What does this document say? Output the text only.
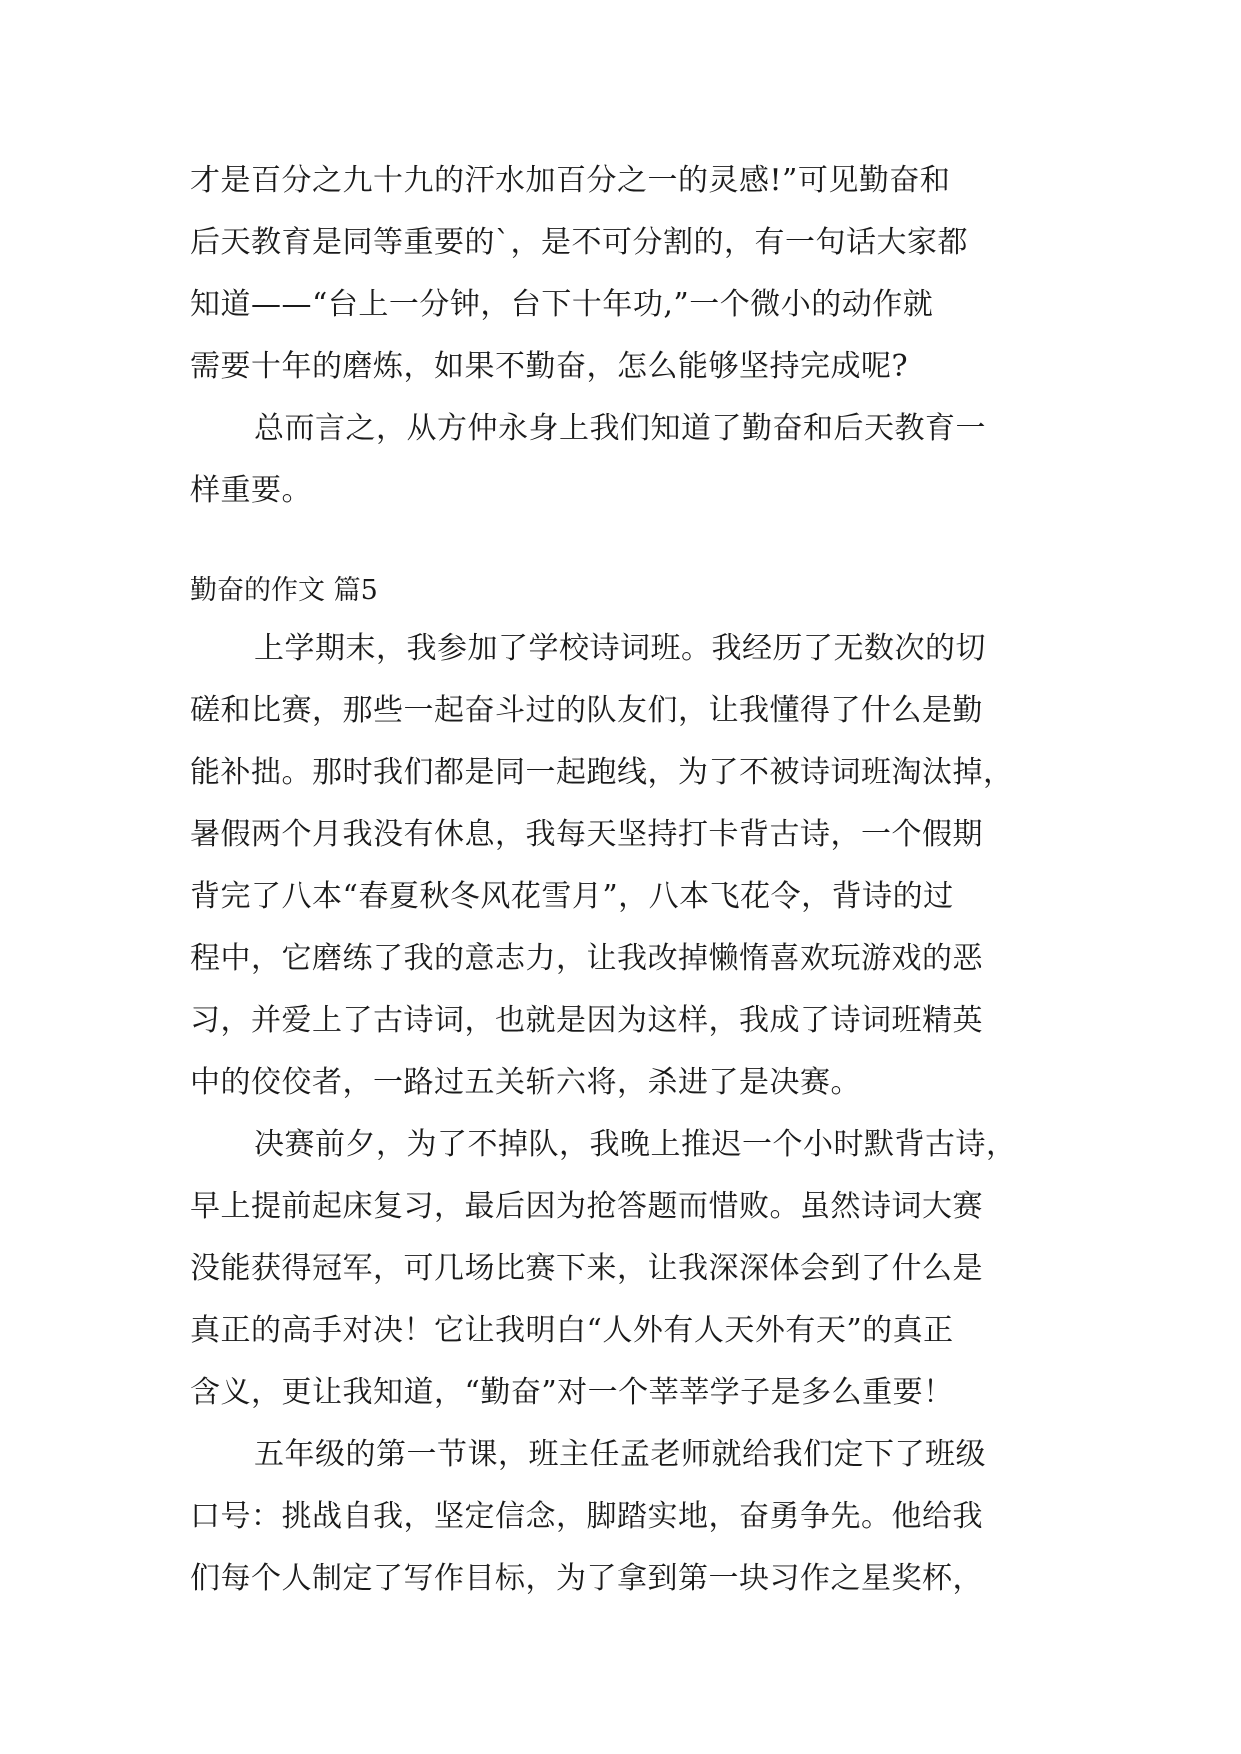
才是百分之九十九的汗水加百分之一的灵感!”可见勤奋和
后天教育是同等重要的`，是不可分割的，有一句话大家都
知道——“台上一分钟，台下十年功,”一个微小的动作就
需要十年的磨炼，如果不勤奋，怎么能够坚持完成呢?
总而言之，从方仲永身上我们知道了勤奋和后天教育一
样重要。
勤奋的作文 篇5
上学期末，我参加了学校诗词班。我经历了无数次的切
磋和比赛，那些一起奋斗过的队友们，让我懂得了什么是勤
能补拙。那时我们都是同一起跑线，为了不被诗词班淘汰掉，
暑假两个月我没有休息，我每天坚持打卡背古诗，一个假期
背完了八本“春夏秋冬风花雪月”，八本飞花令，背诗的过
程中，它磨练了我的意志力，让我改掉懒惰喜欢玩游戏的恶
习，并爱上了古诗词，也就是因为这样，我成了诗词班精英
中的佼佼者，一路过五关斩六将，杀进了是决赛。
决赛前夕，为了不掉队，我晚上推迟一个小时默背古诗，
早上提前起床复习，最后因为抢答题而惜败。虽然诗词大赛
没能获得冠军，可几场比赛下来，让我深深体会到了什么是
真正的高手对决！它让我明白“人外有人天外有天”的真正
含义，更让我知道，“勤奋”对一个莘莘学子是多么重要！
五年级的第一节课，班主任孟老师就给我们定下了班级
口号：挑战自我，坚定信念，脚踏实地，奋勇争先。他给我
们每个人制定了写作目标，为了拿到第一块习作之星奖杯，
